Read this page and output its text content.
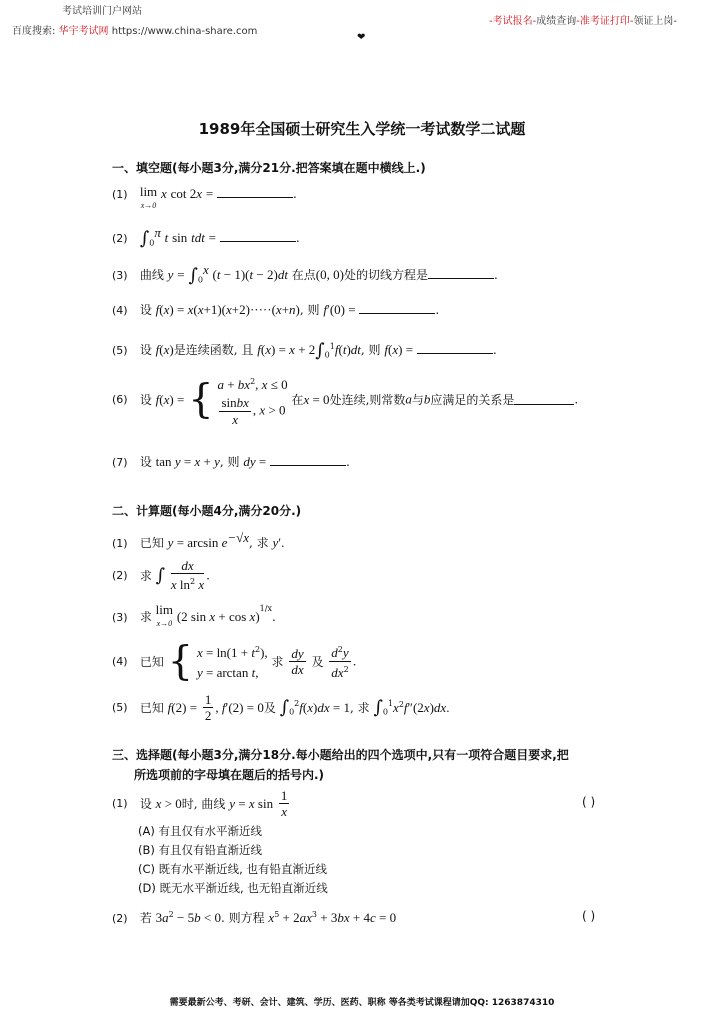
考试培训门户网站
百度搜索: 华宇考试网 https://www.china-share.com
-考试报名-成绩查询-准考证打印-领证上岗-
❤
1989年全国硕士研究生入学统一考试数学二试题
一、填空题(每小题3分,满分21分.把答案填在题中横线上.)
(1) lim
x→0 x cot 2x =	.
(2) $\int_0^\pi$ t sin tdt =	.
(3) 曲线 $y = \int_0^x$ (t − 1)(t − 2)dt 在点(0, 0)处的切线方程是	.
(4) 设 f(x) = x(x+1)(x+2)·····(x+n), 则 f′(0) =	.
(5) 设 f(x)是连续函数, 且 $f(x) = x + 2\int_0^1f(t)dt$, 则 f(x) =	.
(6) 设 f(x) = { $a + bx^2$, x ≤ 0
$\frac{\text{sinbx}}{x}$ , x > 0
在x = 0处连续,则常数a与b应满足的关系是	.
(7) 设 tan y = x + y, 则 dy =	.
二、计算题(每小题4分,满分20分.)
(1) 已知 $y = \arcsin e^{-√x}$, 求 y′.
(2) 求 ∫ $\frac{dx}{x \ln^2 x}$ .
(3) 求 lim
x→0 (2 sin x + cos x)$^{1/x}$.
(4) 已知 { $x = \ln(1 + t^2)$,
y = arctan t,
求 $\frac{dy}{dx}$ 及 $\frac{d^2y}{dx^2}$ .
(5) 已知 $f(2) = \frac{1}{2}$ , f′(2) = 0及 $\int_0^2f(x)dx = 1$, 求 $\int_0^1x^2f''(2x)dx$.
三、选择题(每小题3分,满分18分.每小题给出的四个选项中,只有一项符合题目要求,把
所选项前的字母填在题后的括号内.)
(1) 设 x > 0时, 曲线 y = x $\sin \frac{1}{x}$	( )
(A) 有且仅有水平渐近线
(B) 有且仅有铅直渐近线
(C) 既有水平渐近线, 也有铅直渐近线
(D) 既无水平渐近线, 也无铅直渐近线
(2) 若 $3a^2 - 5b < 0$. 则方程 $x^5 + 2ax^3 + 3bx + 4c = 0$	( )
需要最新公考、考研、会计、建筑、学历、医药、职称 等各类考试课程请加QQ: 1263874310
